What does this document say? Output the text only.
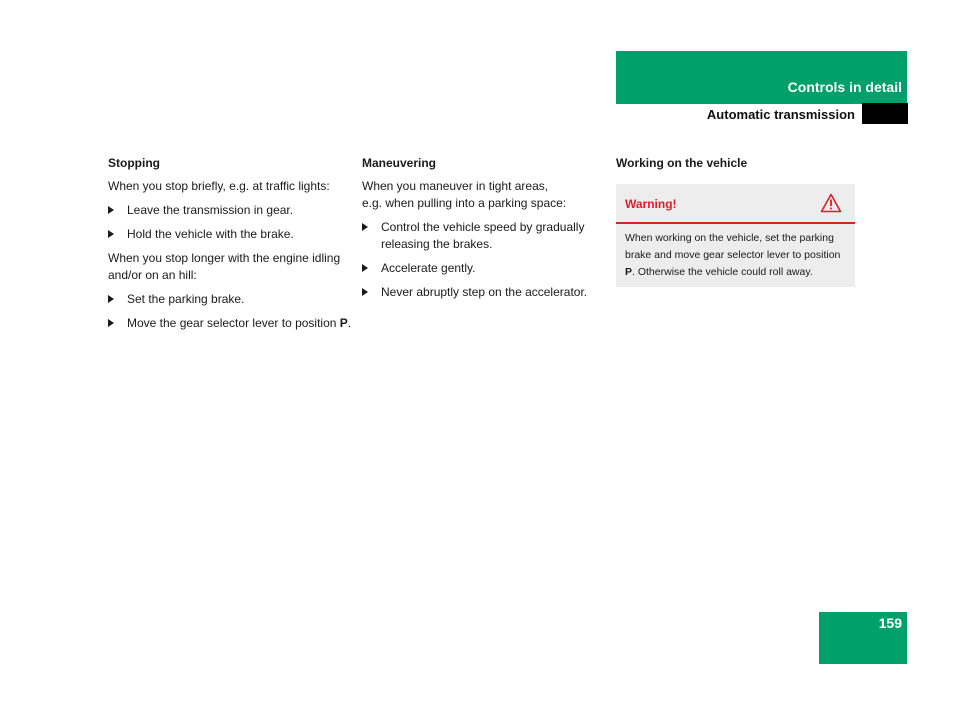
Controls in detail
Automatic transmission
Stopping

When you stop briefly, e.g. at traffic lights:

Leave the transmission in gear.
Hold the vehicle with the brake.

When you stop longer with the engine idling and/or on an hill:

Set the parking brake.
Move the gear selector lever to position P.
Maneuvering

When you maneuver in tight areas,
e.g. when pulling into a parking space:

Control the vehicle speed by gradually releasing the brakes.
Accelerate gently.
Never abruptly step on the accelerator.
Working on the vehicle
Warning!
When working on the vehicle, set the parking brake and move gear selector lever to position P. Otherwise the vehicle could roll away.
159
